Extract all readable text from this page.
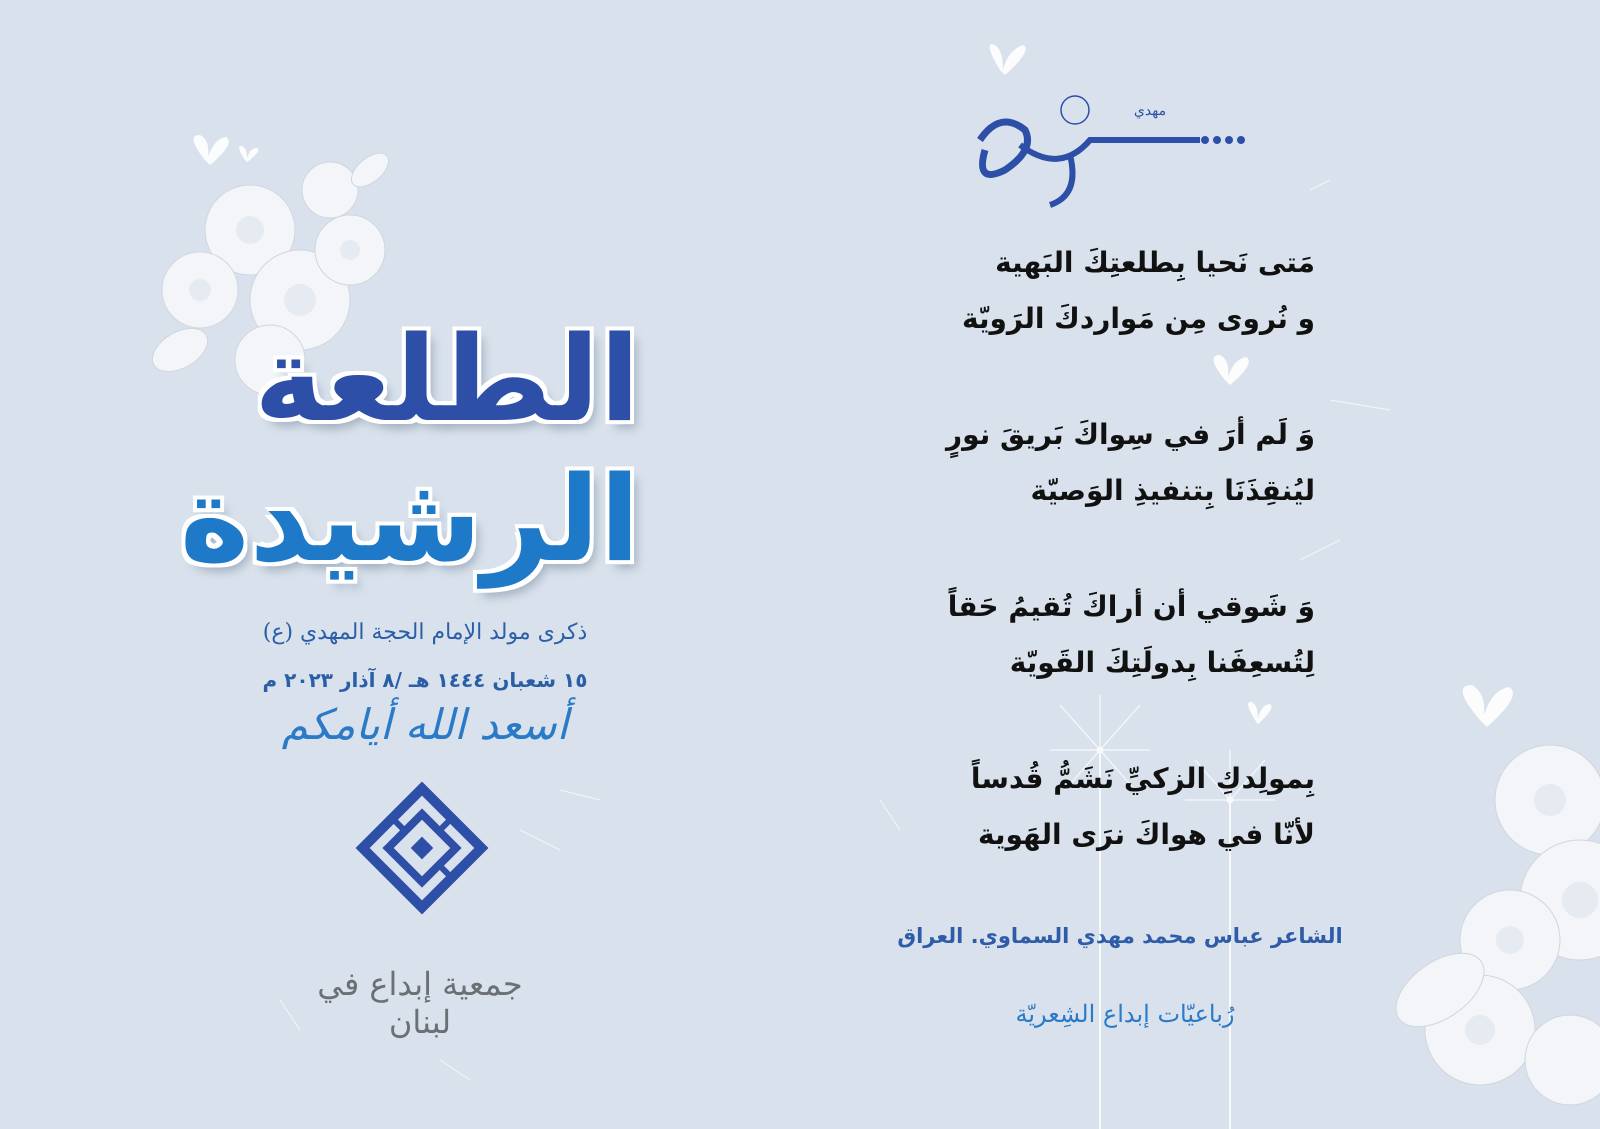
مهدي
الطلعة
الرشيدة
ذكرى مولد الإمام الحجة المهدي (ع)
١٥ شعبان ١٤٤٤ هـ /٨ آذار ٢٠٢٣ م
أسعد الله أيامكم
جمعية إبداع في لبنان
مَتى نَحيا بِطلعتِكَ البَهية
و نُروى مِن مَواردكَ الرَويّة
وَ لَم أرَ في سِواكَ بَريقَ نورٍ
ليُنقِذَنَا بِتنفيذِ الوَصيّة
وَ شَوقي أن أراكَ تُقيمُ حَقاً
لِتُسعِفَنا بِدولَتِكَ القَويّة
بِمولِدكِ الزكيِّ نَشَمُّ قُدساً
لأنّا في هواكَ نرَى الهَوية
الشاعر عباس محمد مهدي السماوي. العراق
رُباعيّات إبداع الشِعريّة
